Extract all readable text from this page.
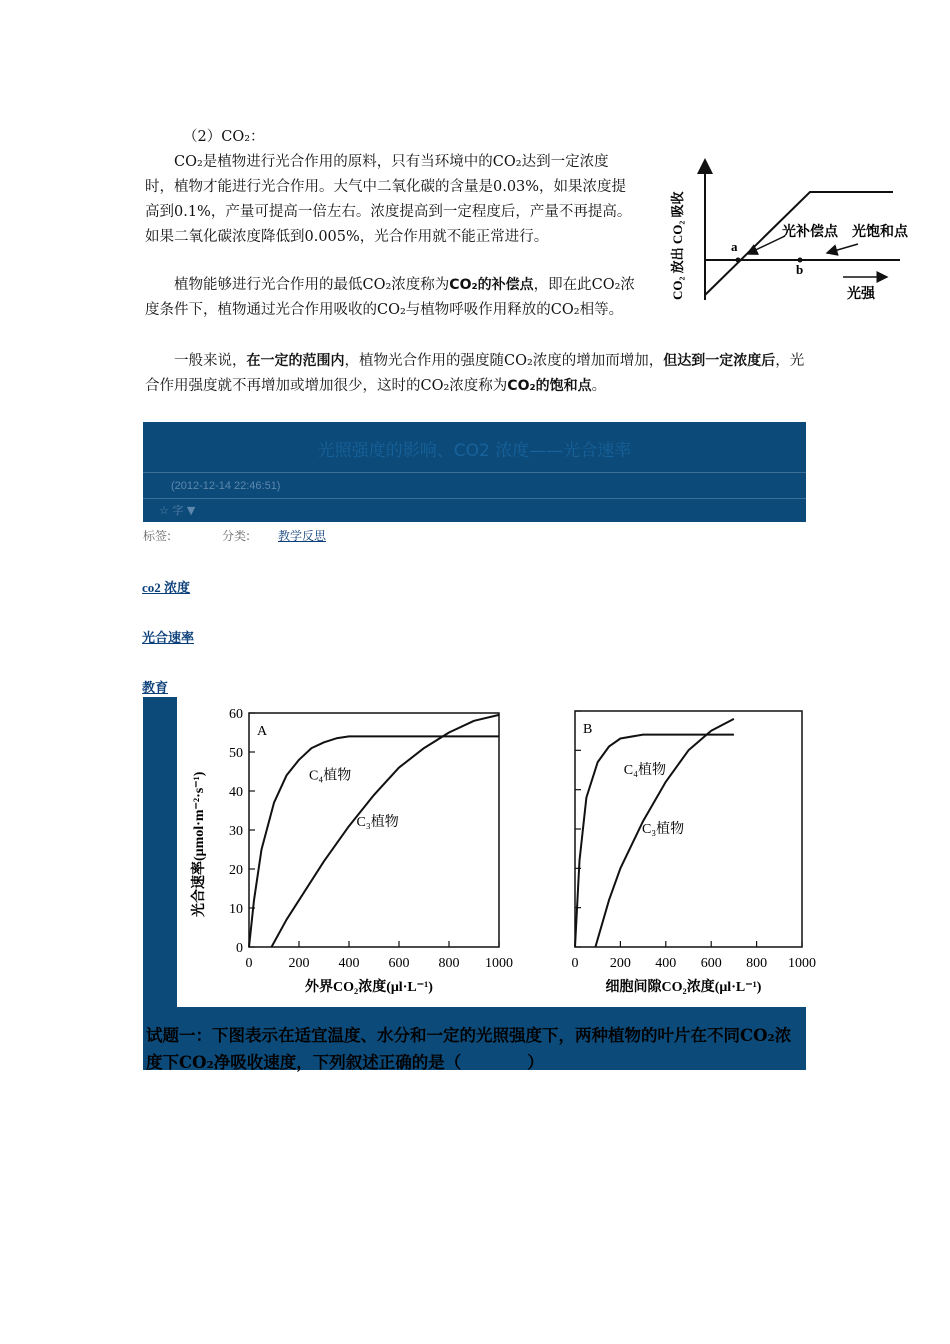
（2）CO₂：
CO₂是植物进行光合作用的原料，只有当环境中的CO₂达到一定浓度时，植物才能进行光合作用。大气中二氧化碳的含量是0.03%，如果浓度提高到0.1%，产量可提高一倍左右。浓度提高到一定程度后，产量不再提高。如果二氧化碳浓度降低到0.005%，光合作用就不能正常进行。
植物能够进行光合作用的最低CO₂浓度称为CO₂的补偿点，即在此CO₂浓度条件下，植物通过光合作用吸收的CO₂与植物呼吸作用释放的CO₂相等。
一般来说，在一定的范围内，植物光合作用的强度随CO₂浓度的增加而增加，但达到一定浓度后，光合作用强度就不再增加或增加很少，这时的CO₂浓度称为CO₂的饱和点。
CO₂ 放出 CO₂ 吸收	a
b
光补偿点 光饱和点
光强
光照强度的影响、CO2 浓度——光合速率
(2012-12-14 22:46:51)
☆ 字 ▼
标签:	分类: 教学反思
co2 浓度
光合速率
教育
光合速率(μmol·m⁻²·s⁻¹)
0	200 400 600 800 1000
0
10
20
30
40
50
60
A
C₄植物
C₃植物
外界CO₂浓度(μl·L⁻¹)
0 200 400 600 800 1000
B
C₄植物
C₃植物
细胞间隙CO₂浓度(μl·L⁻¹)
试题一：下图表示在适宜温度、水分和一定的光照强度下，两种植物的叶片在不同CO₂浓度下CO₂净吸收速度，下列叙述正确的是（　　　　）
